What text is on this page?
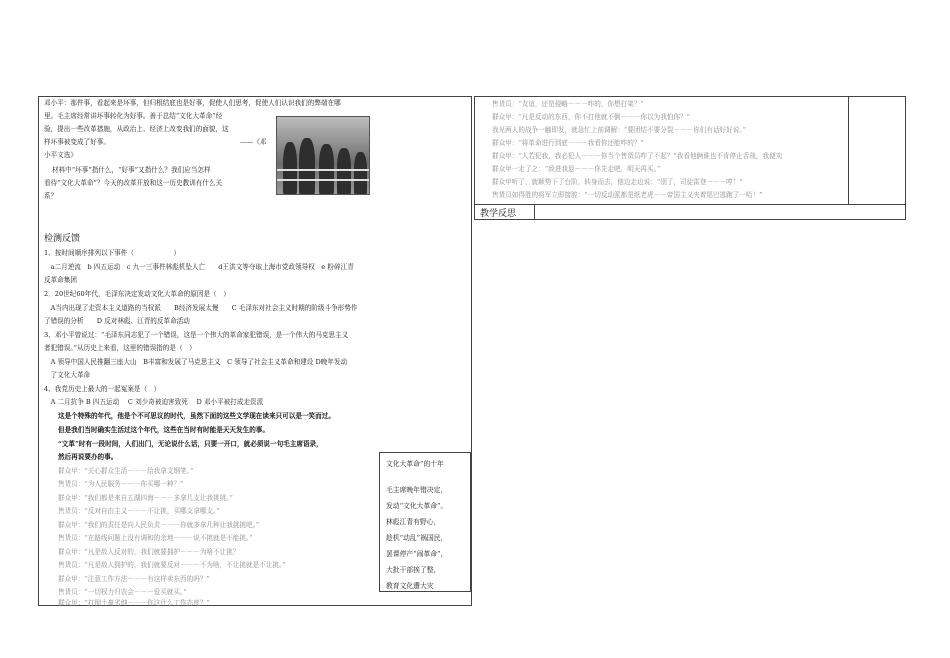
教学反思
邓小平：那件事，看起来是坏事，但归根结底也是好事，促使人们思考，促使人们认识我们的弊端在哪
里。毛主席经常讲坏事转化为好事。善于总结“文化大革命”经
验，提出一些改革措施，从政治上、经济上改变我们的面貌，这
样坏事被变成了好事。	——《邓
小平文选》
材料中“坏事”指什么，“好事”又指什么？我们应当怎样
看待“文化大革命”？今天的改革开放和这一历史教训有什么关
系？
检测反馈
1、按时间顺序排列以下事件（　　　　　　）
　a二月逆流　b 四五运动　c 九一三事件林彪机坠人亡　　d王洪文等夺取上海市党政领导权　e 粉碎江青
反革命集团
2．20世纪60年代，毛泽东决定发动文化大革命的原因是（　）
　A当内出现了走资本主义道路的当权派　　B经济发展太慢　　C 毛泽东对社会主义时期的阶级斗争形势作
了错误的分析　　D 反对林彪、江青的反革命活动
3、邓小平曾说过：“毛泽东同志犯了一个错误，这是一个伟大的革命家犯错误，是一个伟大的马克思主义
者犯错误。”从历史上来看，这里的错误指的是（　）
　A 领导中国人民推翻三座大山　B丰富和发展了马克思主义　C 领导了社会主义革命和建设 D晚年发动
　了文化大革命
4、我党历史上最大的一起冤案是（　）
　A 二月抗争 B 四五运动　 C 刘少奇被迫害致死　 D 邓小平被打成走资派
这是个特殊的年代，他是个不可思议的时代，虽然下面的这些文学现在读来只可以是一笑而过。
但是我们当时确实生活过这个年代，这些在当时有时能是天天发生的事。
“文革”时有一段时间，人们出门，无论说什么话，只要一开口，就必须说一句毛主席语录，
然后再说要办的事。
群众甲：“关心群众生活－－－给我拿支钢笔。”
售货员：“为人民服务－－－你买哪一种？”
群众甲：“我们都是来自五湖四海－－－多拿几支让我挑挑。”
售货员：“反对自由主义－－－不让挑，买哪支拿哪支。”
群众甲：“我们的责任是向人民负责－－－你就多拿几种让我挑挑吧。”
售货员：“在路线问题上没有调和的余地－－－说不挑就是不能挑。”
群众甲：“凡是敌人反对的，我们就要拥护－－－为啥不让挑？
售货员：“凡是敌人拥护的，我们就要反对－－－不为啥，不让挑就是不让挑。”
群众甲：“注意工作方法－－－有这样卖东西的吗？”
售货员：“一切权力归农会－－－爱买就买。”
群众甲：“打倒土豪劣绅－－－你这什么工作态度？”
文化大革命”的十年
毛主席晚年错决定，
发动“文化大革命”。
林彪江青有野心，
趁机“动乱”祸国民，
罢课停产“闹革命”，
大批干部挨了整，
教育文化遭大灾
售货员：“友谊，还是侵略－－－咋的，你想打架？”
群众甲：“凡是反动的东西，你不打他就不倒－－－你以为我怕你？”
我见两人的战争一触即发，就急忙上前调解：“要团结不要分裂－－－你们有话好好说。”
群众甲：“将革命进行到底－－－我看你还能咋的？”
群众甲：“人若犯我，我必犯人－－－你当个售货员咋了不起？”我看他俩谁也不肯停止舌战，我便劝
群众甲一走了之：“敌进我退－－－你先走吧，明天再买。”
群众甲听了，就顺势下了台阶，转身而去，他边走边说：“别了，司徒雷登－－－哼！”
售货员如得胜的将军立即接腔：“一切反动派都是纸老虎－－帝国主义夹着尾巴逃跑了一哈！”
